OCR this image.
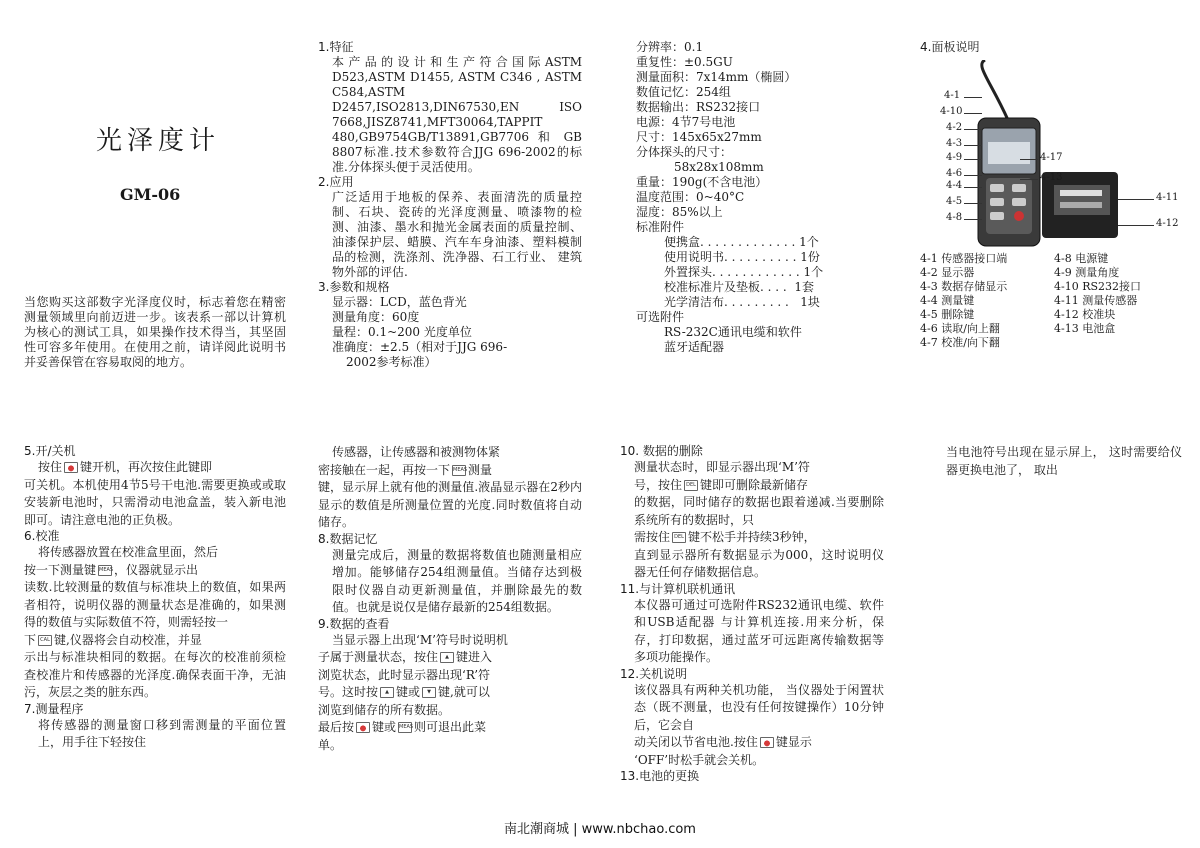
光泽度计
GM-06

当您购买这部数字光泽度仪时，标志着您在精密测量领域里向前迈进一步。该表系一部以计算机为核心的测试工具，如果操作技术得当，其坚固性可容多年使用。在使用之前，请详阅此说明书并妥善保管在容易取阅的地方。

1.特征

本产品的设计和生产符合国际ASTM D523,ASTM D1455, ASTM C346 , ASTM C584,ASTM D2457,ISO2813,DIN67530,EN ISO 7668,JISZ8741,MFT30064,TAPPIT 480,GB9754GB/T13891,GB7706 和 GB 8807标准.技术参数符合JJG 696-2002的标准.分体探头便于灵活使用。

2.应用

广泛适用于地板的保养、表面清洗的质量控制、石块、瓷砖的光泽度测量、喷漆物的检测、油漆、墨水和抛光金属表面的质量控制、油漆保护层、蜡膜、汽车车身油漆、塑料模制品的检测，洗涤剂、洗净器、石工行业、 建筑物外部的评估.

3.参数和规格

显示器：LCD，蓝色背光

测量角度：60度

量程：0.1~200 光度单位

准确度：±2.5（相对于JJG 696-

2002参考标准）

分辨率：0.1

重复性：±0.5GU

测量面积：7x14mm（椭圆）

数值记忆：254组

数据输出：RS232接口

电源：4节7号电池

尺寸：145x65x27mm

分体探头的尺寸：

58x28x108mm

重量：190g(不含电池）

温度范围：0~40°C

湿度：85%以上

标准附件

便携盒. . . . . . . . . . . . . 1个

使用说明书. . . . . . . . . . 1份

外置探头. . . . . . . . . . . . 1个

校准标准片及垫板. . . .  1套

光学清洁布. . . . . . . . .   1块

可选附件

RS-232C通讯电缆和软件

蓝牙适配器

4.面板说明
4-1
4-10
4-2
4-3
4-9
4-6
4-4
4-5
4-8
4-17
4-13
4-11
4-12

4-1 传感器接口端

4-2 显示器

4-3 数据存储显示

4-4 测量键

4-5 删除键

4-6 读取/向上翻

4-7 校准/向下翻

4-8 电源键

4-9 测量角度

4-10 RS232接口

4-11 测量传感器

4-12 校准块

4-13 电池盒

5.开/关机

按住 键开机，再次按住此键即

可关机。本机使用4节5号干电池.需要更换或或取安装新电池时，只需滑动电池盒盖，装入新电池即可。请注意电池的正负极。

6.校准

将传感器放置在校准盒里面，然后

按一下测量键 MEAS，仪器就显示出

读数.比较测量的数值与标准块上的数值，如果两者相符，说明仪器的测量状态是准确的，如果测得的数值与实际数值不符，则需轻按一

下 CAL 键,仪器将会自动校准，并显

示出与标准块相同的数据。在每次的校准前须检查校准片和传感器的光泽度.确保表面干净，无油污，灰层之类的脏东西。

7.测量程序

将传感器的测量窗口移到需测量的平面位置上，用手往下轻按住

传感器，让传感器和被测物体紧

密接触在一起，再按一下 MEAS测量

键，显示屏上就有他的测量值.液晶显示器在2秒内显示的数值是所测量位置的光度.同时数值将自动储存。

8.数据记忆

测量完成后，测量的数据将数值也随测量相应增加。能够储存254组测量值。当储存达到极限时仪器自动更新测量值，并删除最先的数值。也就是说仅是储存最新的254组数据。

9.数据的查看

当显示器上出现‘M’符号时说明机

子属于测量状态，按住 ▲ 键进入

浏览状态，此时显示器出现‘R’符

号。这时按 ▲ 键或 ▼ 键,就可以

浏览到储存的所有数据。

最后按 键或 MEAS则可退出此菜

单。

10. 数据的删除

测量状态时，即显示器出现‘M’符

号，按住 DEL 键即可删除最新储存

的数据，同时储存的数据也跟着递减.当要删除系统所有的数据时，只

需按住 DEL 键不松手并持续3秒钟，

直到显示器所有数据显示为000，这时说明仪器无任何存储数据信息。

11.与计算机联机通讯

本仪器可通过可选附件RS232通讯电缆、软件和USB适配器 与计算机连接.用来分析，保存，打印数据，通过蓝牙可远距离传输数据等多项功能操作。

12.关机说明

该仪器具有两种关机功能， 当仪器处于闲置状态（既不测量，也没有任何按键操作）10分钟后，它会自

动关闭以节省电池.按住 键显示

‘OFF’时松手就会关机。

13.电池的更换

当电池符号出现在显示屏上， 这时需要给仪器更换电池了， 取出

南北潮商城 | www.nbchao.com
